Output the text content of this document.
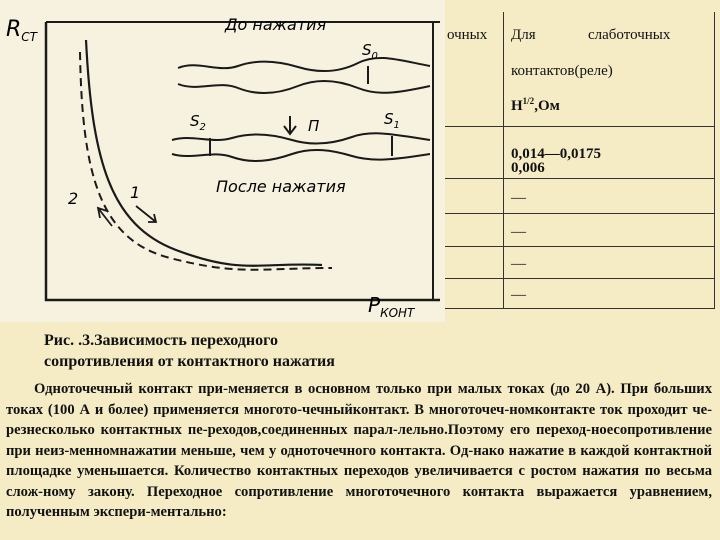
очных Для	слаботочных
контактов(реле)
$H^{1/2},Ом$
0,014—0,0175
0,006
—
—
—
—
$R_{СТ}$
$P_{КОНТ}$
До нажатия
$S_0$
$S_2$	$S_1$
П
После нажатия
1
2
Рис. .3.Зависимость переходного
сопротивления от контактного нажатия

Одноточечный контакт при-меняется в основном только при малых токах (до 20 А). При больших токах (100 А и более) применяется многото-чечныйконтакт. В многоточеч-номконтакте ток проходит че-резнесколько контактных пе-реходов,соединенных парал-лельно.Поэтому его переход-ноесопротивление при неиз-менномнажатии меньше, чем у одноточечного контакта. Од-нако нажатие в каждой контактной площадке уменьшается. Количество контактных переходов увеличивается с ростом нажатия по весьма слож-ному закону. Переходное сопротивление многоточечного контакта выражается уравнением, полученным экспери-ментально:
